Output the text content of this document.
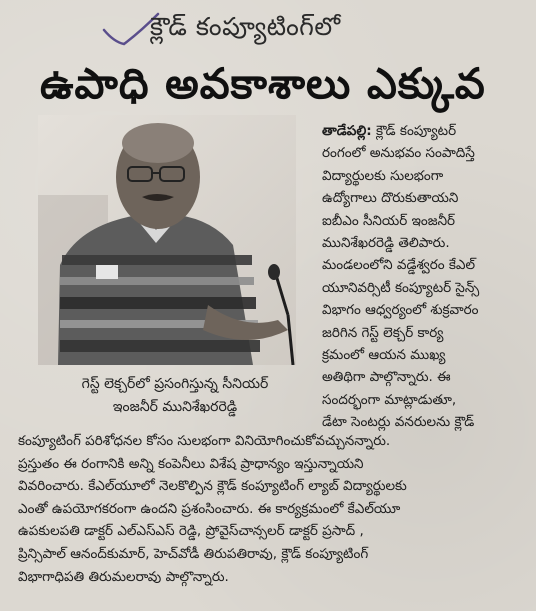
క్లౌడ్ కంప్యూటింగ్‌లో
ఉపాధి అవకాశాలు ఎక్కువ
గెస్ట్ లెక్చర్‌లో ప్రసంగిస్తున్న సీనియర్
ఇంజనీర్ మునిశేఖరరెడ్డి
తాడేపల్లి: క్లౌడ్ కంప్యూటర్
రంగంలో అనుభవం సంపాదిస్తే
విద్యార్థులకు సులభంగా
ఉద్యోగాలు దొరుకుతాయని
ఐబీఎం సీనియర్ ఇంజనీర్
మునిశేఖరరెడ్డి తెలిపారు.
మండలంలోని వడ్డేశ్వరం కేఎల్
యూనివర్సిటీ కంప్యూటర్ సైన్స్
విభాగం ఆధ్వర్యంలో శుక్రవారం
జరిగిన గెస్ట్ లెక్చర్ కార్య
క్రమంలో ఆయన ముఖ్య
అతిథిగా పాల్గొన్నారు. ఈ
సందర్భంగా మాట్లాడుతూ,
డేటా సెంటర్లు వనరులను క్లౌడ్
కంప్యూటింగ్ పరిశోధనల కోసం సులభంగా వినియోగించుకోవచ్చునన్నారు.
ప్రస్తుతం ఈ రంగానికి అన్ని కంపెనీలు విశేష ప్రాధాన్యం ఇస్తున్నాయని
వివరించారు. కేఎల్‌యూలో నెలకొల్పిన క్లౌడ్ కంప్యూటింగ్ ల్యాబ్ విద్యార్థులకు
ఎంతో ఉపయోగకరంగా ఉందని ప్రశంసించారు. ఈ కార్యక్రమంలో కేఎల్‌యూ
ఉపకులపతి డాక్టర్ ఎల్ఎస్ఎస్ రెడ్డి, ప్రోవైస్‌చాన్సలర్ డాక్టర్ ప్రసాద్ ,
ప్రిన్సిపాల్ ఆనంద్‌కుమార్, హెచ్‌వోడీ తిరుపతిరావు, క్లౌడ్ కంప్యూటింగ్
విభాగాధిపతి తిరుమలరావు పాల్గొన్నారు.
